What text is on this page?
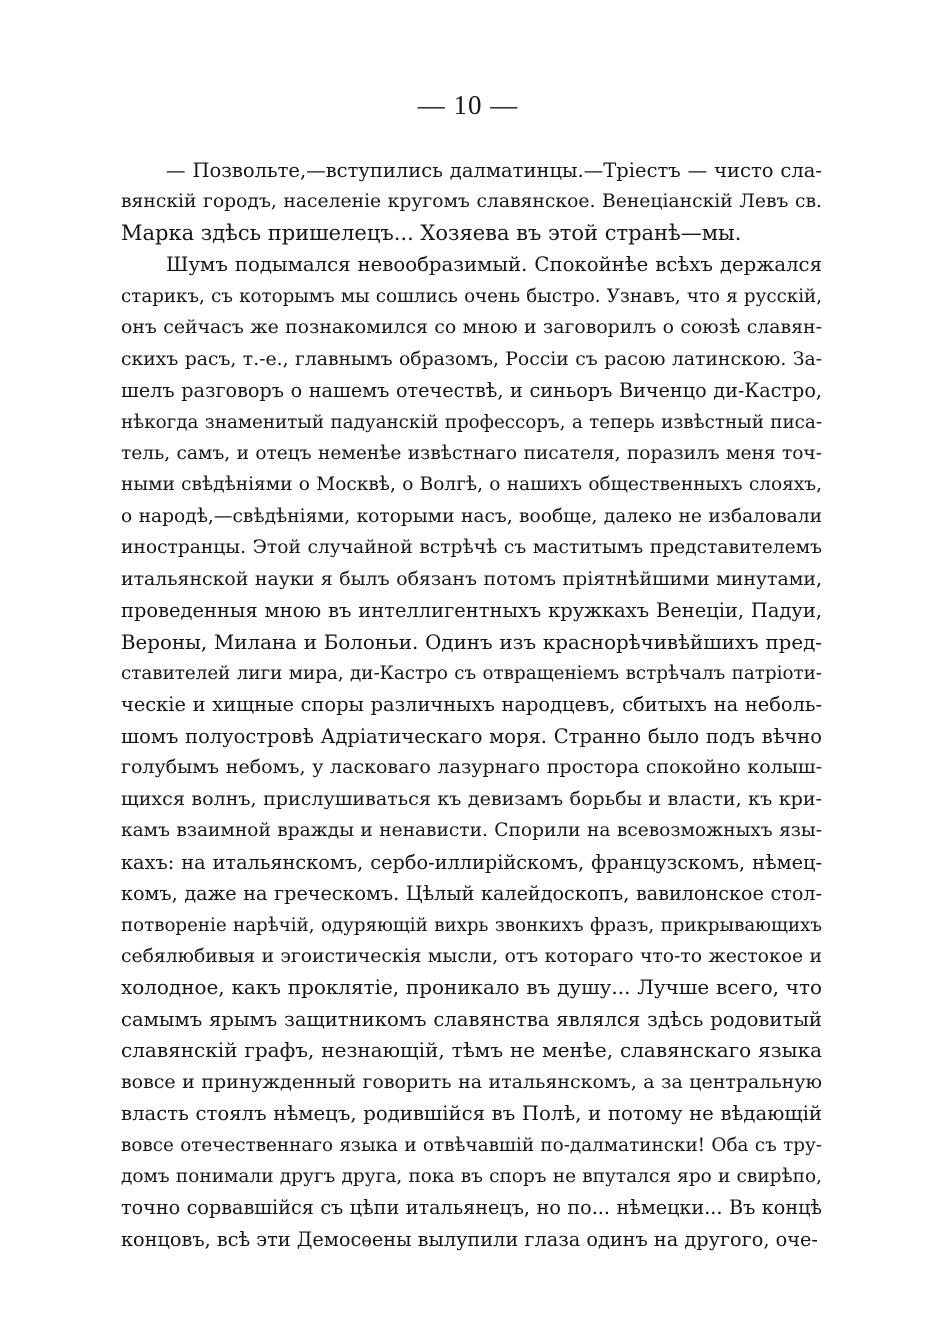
— 10 —
— Позвольте,—вступились далматинцы.—Тріестъ — чисто сла-
вянскій городъ, населеніе кругомъ славянское. Венеціанскій Левъ св.
Марка здѣсь пришелецъ... Хозяева въ этой странѣ—мы.
Шумъ подымался невообразимый. Спокойнѣе всѣхъ держался
старикъ, съ которымъ мы сошлись очень быстро. Узнавъ, что я русскій,
онъ сейчасъ же познакомился со мною и заговорилъ о союзѣ славян-
скихъ расъ, т.-е., главнымъ образомъ, Россіи съ расою латинскою. За-
шелъ разговоръ о нашемъ отечествѣ, и синьоръ Виченцо ди-Кастро,
нѣкогда знаменитый падуанскій профессоръ, а теперь извѣстный писа-
тель, самъ, и отецъ неменѣе извѣстнаго писателя, поразилъ меня точ-
ными свѣдѣніями о Москвѣ, о Волгѣ, о нашихъ общественныхъ слояхъ,
о народѣ,—свѣдѣніями, которыми насъ, вообще, далеко не избаловали
иностранцы. Этой случайной встрѣчѣ съ маститымъ представителемъ
итальянской науки я былъ обязанъ потомъ пріятнѣйшими минутами,
проведенныя мною въ интеллигентныхъ кружкахъ Венеціи, Падуи,
Вероны, Милана и Болоньи. Одинъ изъ краснорѣчивѣйшихъ пред-
ставителей лиги мира, ди-Кастро съ отвращеніемъ встрѣчалъ патріоти-
ческіе и хищные споры различныхъ народцевъ, сбитыхъ на неболь-
шомъ полуостровѣ Адріатическаго моря. Странно было подъ вѣчно
голубымъ небомъ, у ласковаго лазурнаго простора спокойно колыш-
щихся волнъ, прислушиваться къ девизамъ борьбы и власти, къ кри-
камъ взаимной вражды и ненависти. Спорили на всевозможныхъ язы-
кахъ: на итальянскомъ, сербо-иллирійскомъ, французскомъ, нѣмец-
комъ, даже на греческомъ. Цѣлый калейдоскопъ, вавилонское стол-
потвореніе нарѣчій, одуряющій вихрь звонкихъ фразъ, прикрывающихъ
себялюбивыя и эгоистическія мысли, отъ котораго что-то жестокое и
холодное, какъ проклятіе, проникало въ душу... Лучше всего, что
самымъ ярымъ защитникомъ славянства являлся здѣсь родовитый
славянскій графъ, незнающій, тѣмъ не менѣе, славянскаго языка
вовсе и принужденный говорить на итальянскомъ, а за центральную
власть стоялъ нѣмецъ, родившійся въ Полѣ, и потому не вѣдающій
вовсе отечественнаго языка и отвѣчавшій по-далматински! Оба съ тру-
домъ понимали другъ друга, пока въ споръ не впутался яро и свирѣпо,
точно сорвавшійся съ цѣпи итальянецъ, но по... нѣмецки... Въ концѣ
концовъ, всѣ эти Демосѳены вылупили глаза одинъ на другого, оче-
